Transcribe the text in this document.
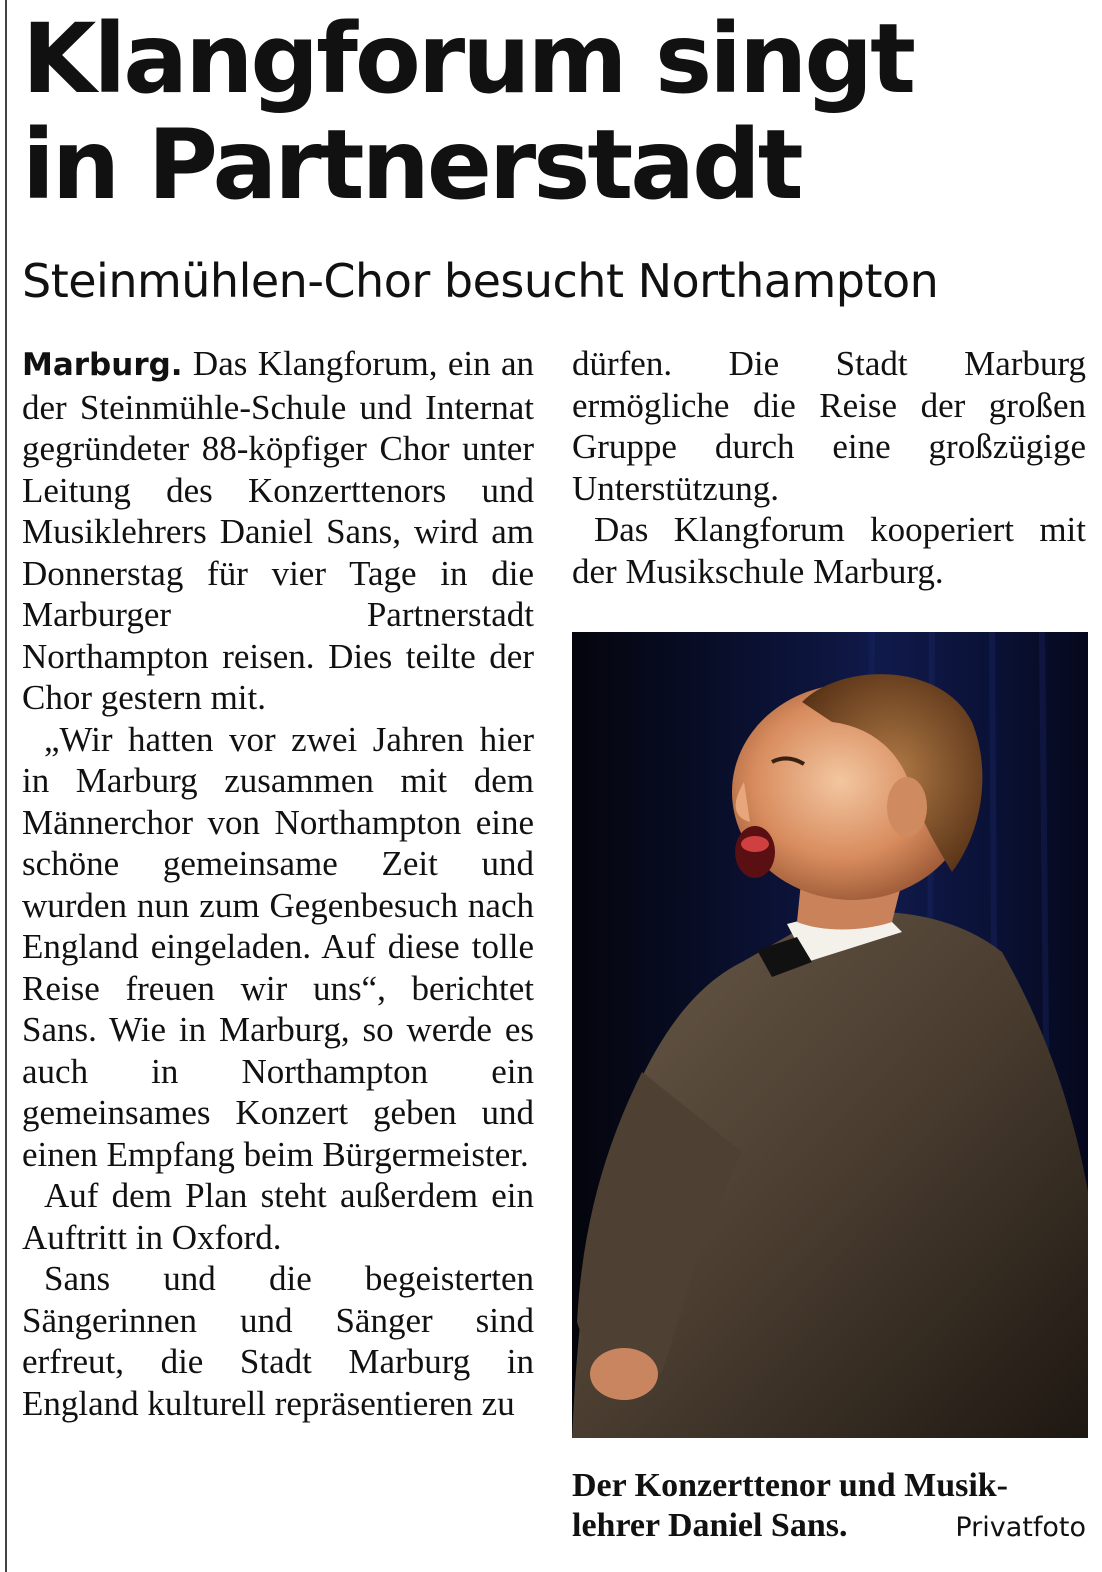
Klangforum singt
in Partnerstadt
Steinmühlen-Chor besucht Northampton

Marburg. Das Klangforum, ein an der Steinmühle-Schule und Internat gegründeter 88-köpfiger Chor unter Leitung des Konzerttenors und Musiklehrers Daniel Sans, wird am Donnerstag für vier Tage in die Marburger Partnerstadt Northampton reisen. Dies teilte der Chor gestern mit.

„Wir hatten vor zwei Jahren hier in Marburg zusammen mit dem Männerchor von Northampton eine schöne gemeinsame Zeit und wurden nun zum Gegenbesuch nach England eingeladen. Auf diese tolle Reise freuen wir uns“, berichtet Sans. Wie in Marburg, so werde es auch in Northampton ein gemeinsames Konzert geben und einen Empfang beim Bürgermeister.

Auf dem Plan steht außerdem ein Auftritt in Oxford.

Sans und die begeisterten Sängerinnen und Sänger sind erfreut, die Stadt Marburg in England kulturell repräsentieren zu

dürfen. Die Stadt Marburg ermögliche die Reise der großen Gruppe durch eine großzügige Unterstützung.

Das Klangforum kooperiert mit der Musikschule Marburg.

Der Konzerttenor und Musik-
lehrer Daniel Sans.	Privatfoto
